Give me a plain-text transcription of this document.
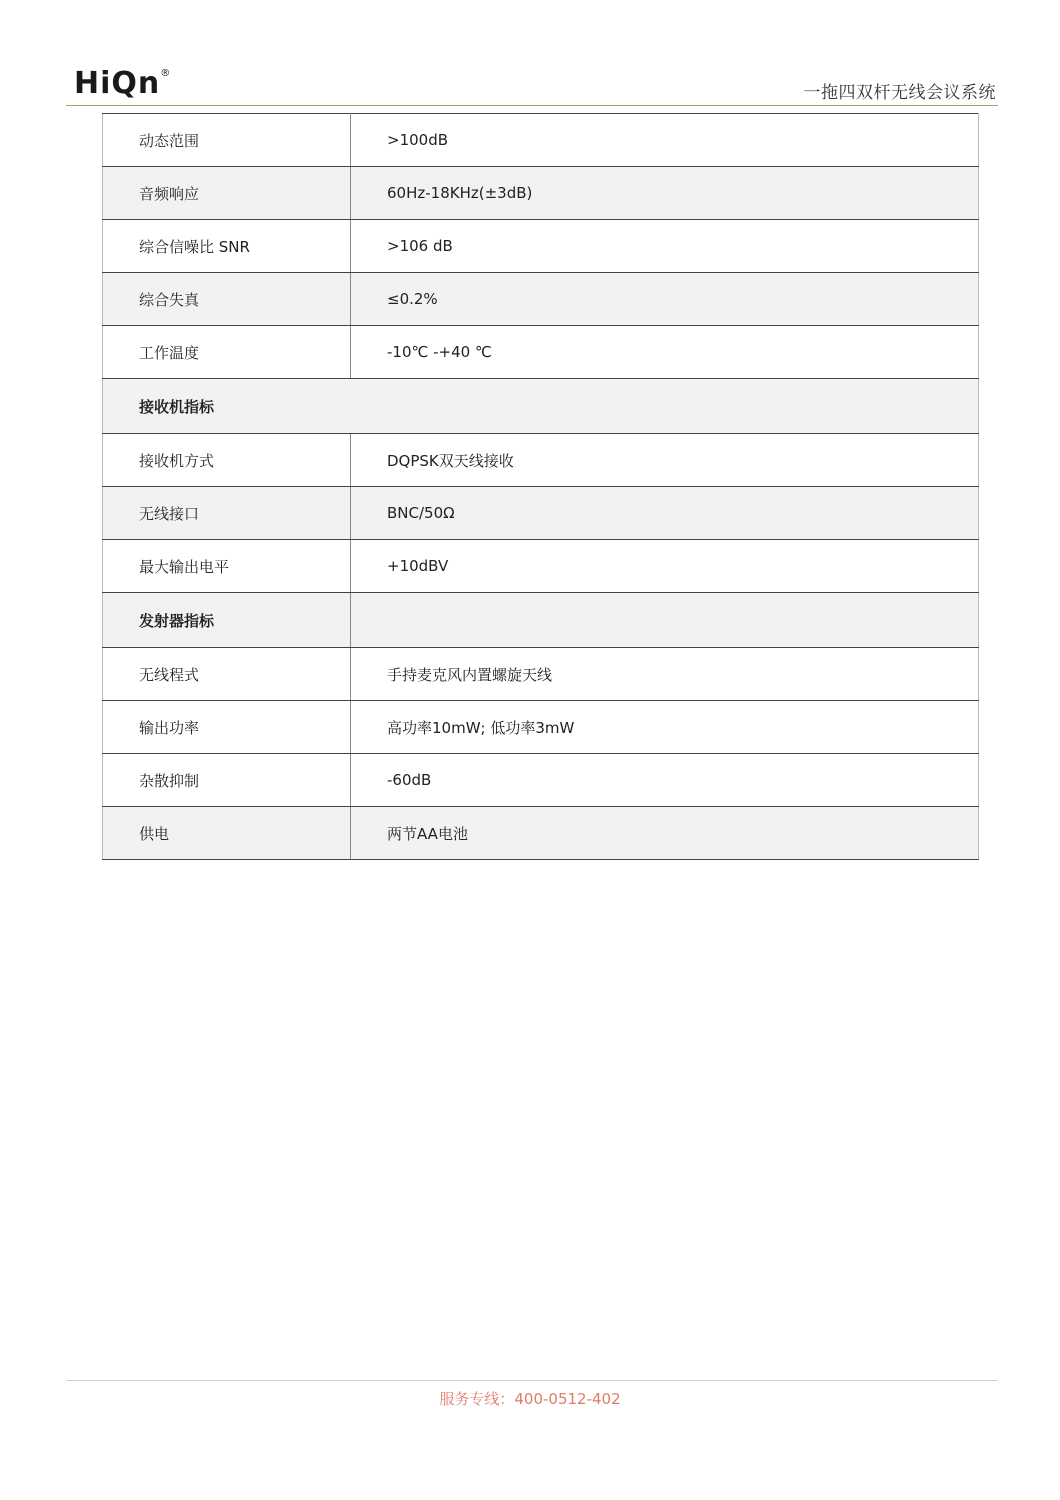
HiQn®
一拖四双杆无线会议系统
动态范围	>100dB
音频响应	60Hz-18KHz(±3dB)
综合信噪比 SNR	>106 dB
综合失真	≤0.2%
工作温度	-10℃ -+40 ℃
接收机指标	
接收机方式	DQPSK双天线接收
无线接口	BNC/50Ω
最大输出电平	+10dBV
发射器指标	
无线程式	手持麦克风内置螺旋天线
输出功率	高功率10mW; 低功率3mW
杂散抑制	-60dB
供电	两节AA电池
服务专线：400-0512-402
